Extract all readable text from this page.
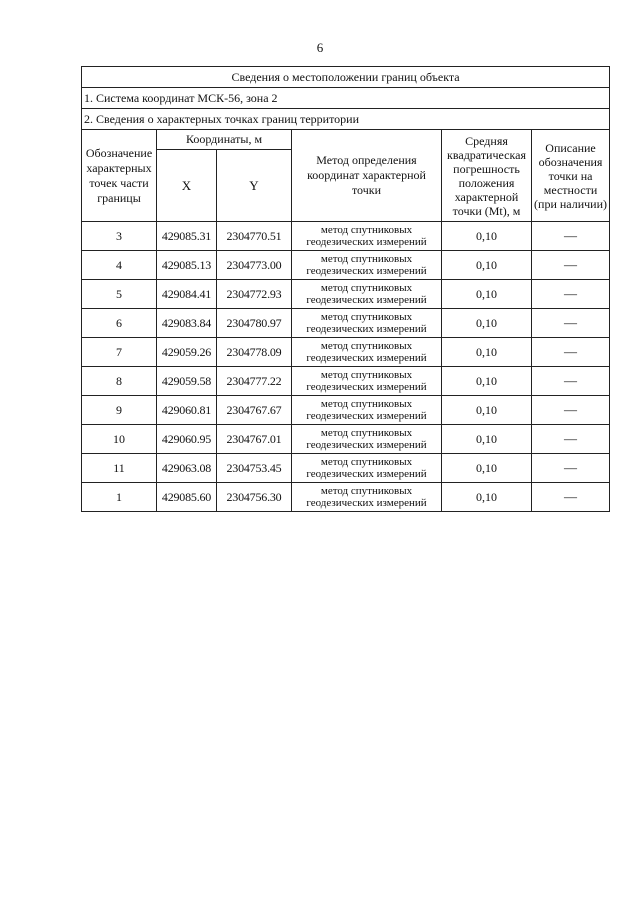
6
Сведения о местоположении границ объекта					
1. Система координат МСК-56, зона 2					
2. Сведения о характерных точках границ территории					
Обозначение характерных точек части границы	Координаты, м		Метод определения координат характерной точки	Средняя квадратическая погрешность положения характерной точки (Mt), м	Описание обозначения точки на местности (при наличии)
	X	Y			
3	429085.31	2304770.51	метод спутниковых геодезических измерений	0,10	—
4	429085.13	2304773.00	метод спутниковых геодезических измерений	0,10	—
5	429084.41	2304772.93	метод спутниковых геодезических измерений	0,10	—
6	429083.84	2304780.97	метод спутниковых геодезических измерений	0,10	—
7	429059.26	2304778.09	метод спутниковых геодезических измерений	0,10	—
8	429059.58	2304777.22	метод спутниковых геодезических измерений	0,10	—
9	429060.81	2304767.67	метод спутниковых геодезических измерений	0,10	—
10	429060.95	2304767.01	метод спутниковых геодезических измерений	0,10	—
11	429063.08	2304753.45	метод спутниковых геодезических измерений	0,10	—
1	429085.60	2304756.30	метод спутниковых геодезических измерений	0,10	—
